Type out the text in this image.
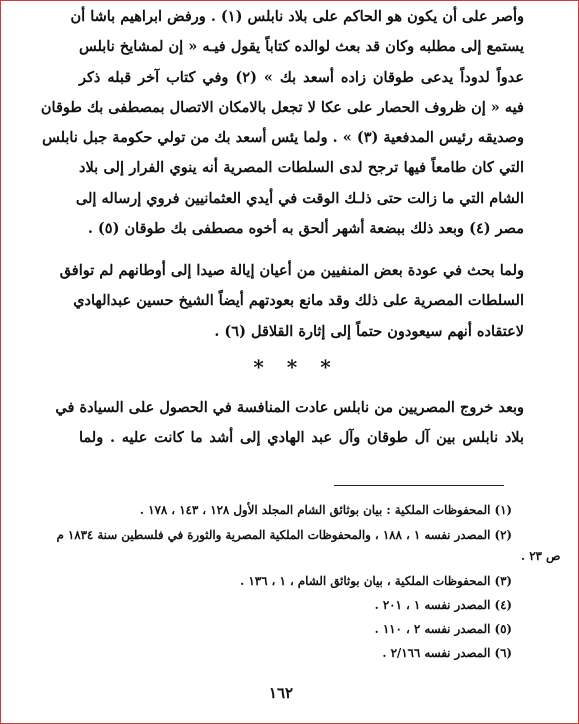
وأصر على أن يكون هو الحاكم على بلاد نابلس (١) . ورفض ابراهيم باشا أن
يستمع إلى مطلبه وكان قد بعث لوالده كتاباً يقول فيـه « إن لمشايخ نابلس
عدواً لدوداً يدعى طوقان زاده أسعد بك » (٢) وفي كتاب آخر قبله ذكر
فيه « إن ظروف الحصار على عكا لا تجعل بالامكان الاتصال بمصطفى بك طوقان
وصديقه رئيس المدفعية (٣) » . ولما يئس أسعد بك من تولي حكومة جبل نابلس
التي كان طامعاً فيها ترجح لدى السلطات المصرية أنه ينوي الفرار إلى بلاد
الشام التي ما زالت حتى ذلـك الوقت في أيدي العثمانيين فروي إرساله إلى
مصر (٤) وبعد ذلك ببضعة أشهر ألحق به أخوه مصطفى بك طوقان (٥) .
ولما بحث في عودة بعض المنفيين من أعيان إيالة صيدا إلى أوطانهم لم توافق
السلطات المصرية على ذلك وقد مانع بعودتهم أيضاً الشيخ حسين عبدالهادي
لاعتقاده أنهم سيعودون حتماً إلى إثارة القلاقل (٦) .
* * *
وبعد خروج المصريين من نابلس عادت المنافسة في الحصول على السيادة في
بلاد نابلس بين آل طوقان وآل عبد الهادي إلى أشد ما كانت عليه . ولما
(١) المحفوظات الملكية : بيان بوثائق الشام المجلد الأول ١٢٨ ، ١٤٣ ، ١٧٨ .
(٢) المصدر نفسه ١ ، ١٨٨ ، والمحفوظات الملكية المصرية والثورة في فلسطين سنة ١٨٣٤ م
ص ٢٣ .
(٣) المحفوظات الملكية ، بيان بوثائق الشام ، ١ ، ١٣٦ .
(٤) المصدر نفسه ١ ، ٢٠١ .
(٥) المصدر نفسه ٢ ، ١١٠ .
(٦) المصدر نفسه ٢/١٦٦ .
١٦٢
